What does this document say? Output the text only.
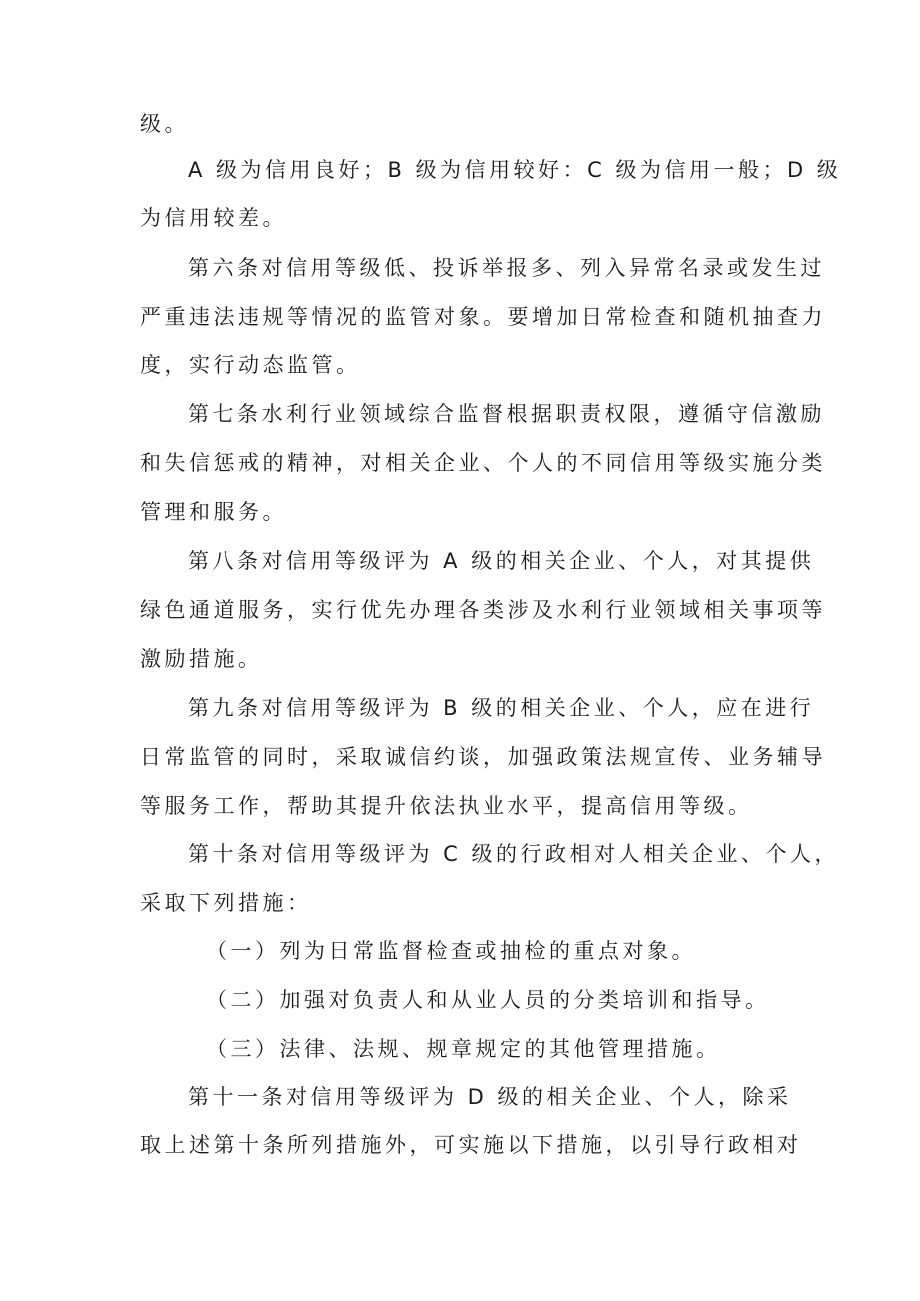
级。
A 级为信用良好；B 级为信用较好：C 级为信用一般；D 级
为信用较差。
第六条对信用等级低、投诉举报多、列入异常名录或发生过
严重违法违规等情况的监管对象。要增加日常检查和随机抽查力
度，实行动态监管。
第七条水利行业领域综合监督根据职责权限，遵循守信激励
和失信惩戒的精神，对相关企业、个人的不同信用等级实施分类
管理和服务。
第八条对信用等级评为 A 级的相关企业、个人，对其提供
绿色通道服务，实行优先办理各类涉及水利行业领域相关事项等
激励措施。
第九条对信用等级评为 B 级的相关企业、个人，应在进行
日常监管的同时，采取诚信约谈，加强政策法规宣传、业务辅导
等服务工作，帮助其提升依法执业水平，提高信用等级。
第十条对信用等级评为 C 级的行政相对人相关企业、个人，
采取下列措施：
（一）列为日常监督检查或抽检的重点对象。
（二）加强对负责人和从业人员的分类培训和指导。
（三）法律、法规、规章规定的其他管理措施。
第十一条对信用等级评为 D 级的相关企业、个人，除采
取上述第十条所列措施外，可实施以下措施，以引导行政相对
